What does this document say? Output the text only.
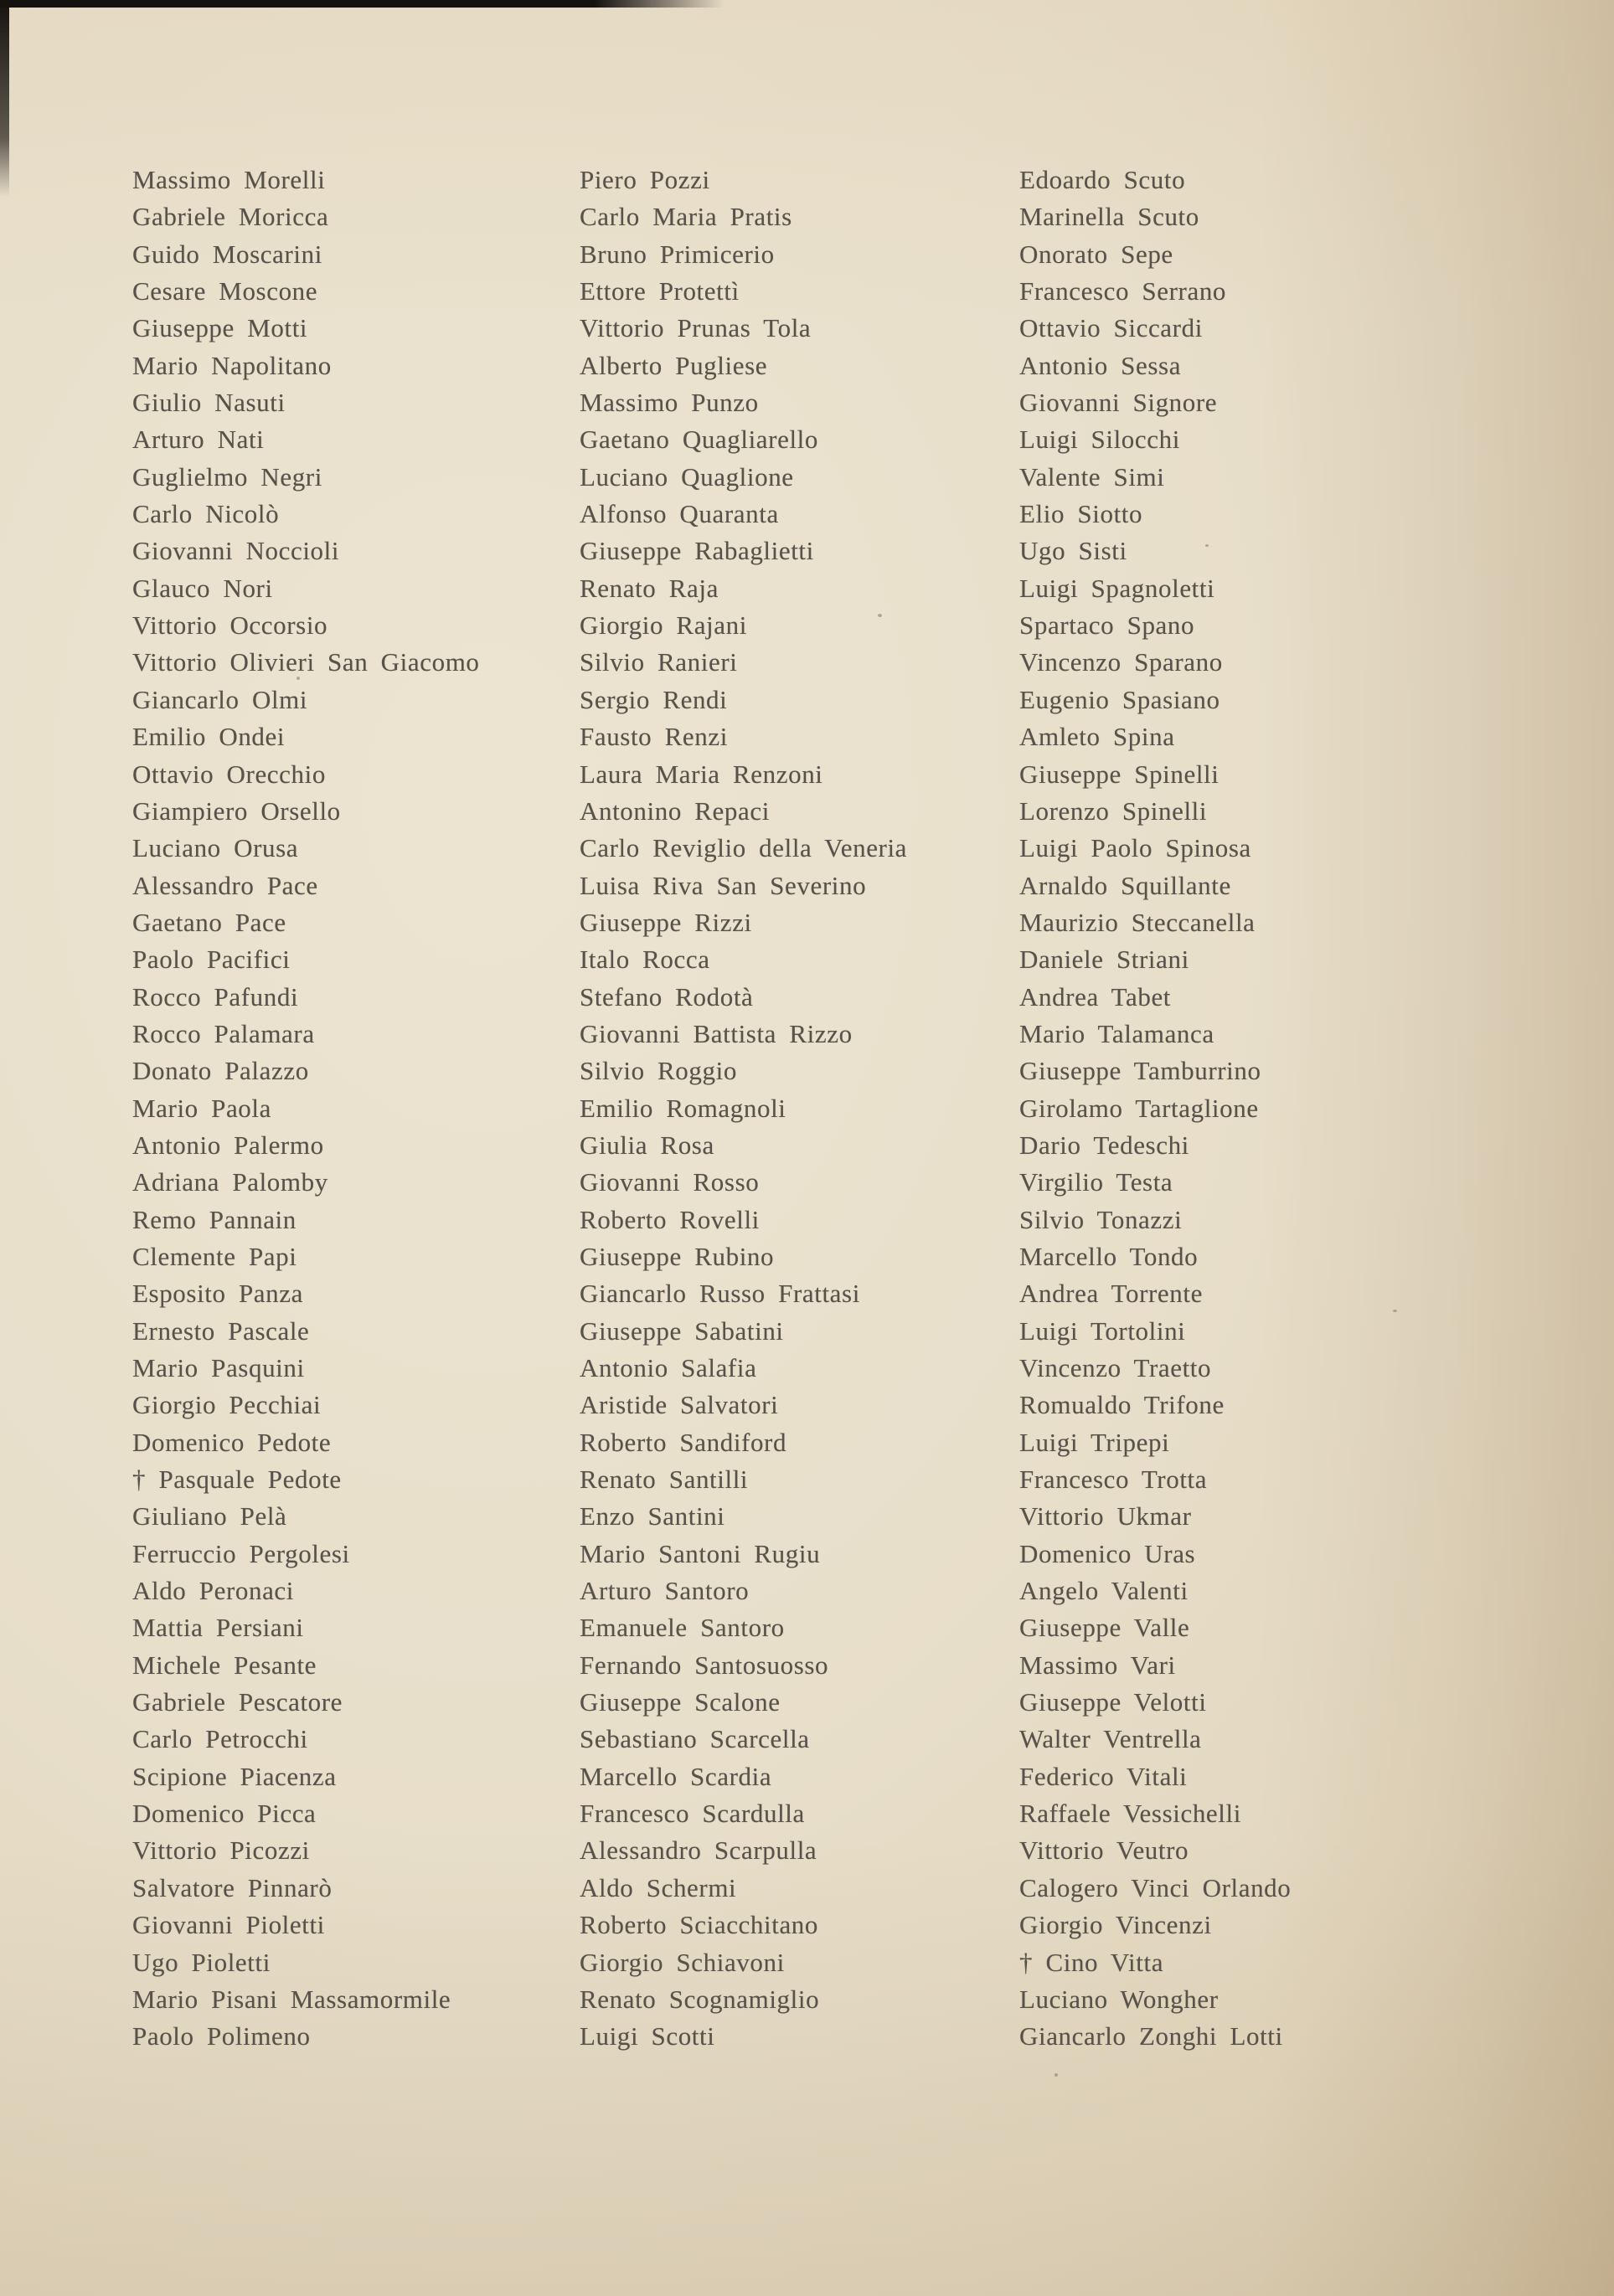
Massimo Morelli
Gabriele Moricca
Guido Moscarini
Cesare Moscone
Giuseppe Motti
Mario Napolitano
Giulio Nasuti
Arturo Nati
Guglielmo Negri
Carlo Nicolò
Giovanni Noccioli
Glauco Nori
Vittorio Occorsio
Vittorio Olivieri San Giacomo
Giancarlo Olmi
Emilio Ondei
Ottavio Orecchio
Giampiero Orsello
Luciano Orusa
Alessandro Pace
Gaetano Pace
Paolo Pacifici
Rocco Pafundi
Rocco Palamara
Donato Palazzo
Mario Paola
Antonio Palermo
Adriana Palomby
Remo Pannain
Clemente Papi
Esposito Panza
Ernesto Pascale
Mario Pasquini
Giorgio Pecchiai
Domenico Pedote
† Pasquale Pedote
Giuliano Pelà
Ferruccio Pergolesi
Aldo Peronaci
Mattia Persiani
Michele Pesante
Gabriele Pescatore
Carlo Petrocchi
Scipione Piacenza
Domenico Picca
Vittorio Picozzi
Salvatore Pinnarò
Giovanni Pioletti
Ugo Pioletti
Mario Pisani Massamormile
Paolo Polimeno
Piero Pozzi
Carlo Maria Pratis
Bruno Primicerio
Ettore Protettì
Vittorio Prunas Tola
Alberto Pugliese
Massimo Punzo
Gaetano Quagliarello
Luciano Quaglione
Alfonso Quaranta
Giuseppe Rabaglietti
Renato Raja
Giorgio Rajani
Silvio Ranieri
Sergio Rendi
Fausto Renzi
Laura Maria Renzoni
Antonino Repaci
Carlo Reviglio della Veneria
Luisa Riva San Severino
Giuseppe Rizzi
Italo Rocca
Stefano Rodotà
Giovanni Battista Rizzo
Silvio Roggio
Emilio Romagnoli
Giulia Rosa
Giovanni Rosso
Roberto Rovelli
Giuseppe Rubino
Giancarlo Russo Frattasi
Giuseppe Sabatini
Antonio Salafia
Aristide Salvatori
Roberto Sandiford
Renato Santilli
Enzo Santini
Mario Santoni Rugiu
Arturo Santoro
Emanuele Santoro
Fernando Santosuosso
Giuseppe Scalone
Sebastiano Scarcella
Marcello Scardia
Francesco Scardulla
Alessandro Scarpulla
Aldo Schermi
Roberto Sciacchitano
Giorgio Schiavoni
Renato Scognamiglio
Luigi Scotti
Edoardo Scuto
Marinella Scuto
Onorato Sepe
Francesco Serrano
Ottavio Siccardi
Antonio Sessa
Giovanni Signore
Luigi Silocchi
Valente Simi
Elio Siotto
Ugo Sisti
Luigi Spagnoletti
Spartaco Spano
Vincenzo Sparano
Eugenio Spasiano
Amleto Spina
Giuseppe Spinelli
Lorenzo Spinelli
Luigi Paolo Spinosa
Arnaldo Squillante
Maurizio Steccanella
Daniele Striani
Andrea Tabet
Mario Talamanca
Giuseppe Tamburrino
Girolamo Tartaglione
Dario Tedeschi
Virgilio Testa
Silvio Tonazzi
Marcello Tondo
Andrea Torrente
Luigi Tortolini
Vincenzo Traetto
Romualdo Trifone
Luigi Tripepi
Francesco Trotta
Vittorio Ukmar
Domenico Uras
Angelo Valenti
Giuseppe Valle
Massimo Vari
Giuseppe Velotti
Walter Ventrella
Federico Vitali
Raffaele Vessichelli
Vittorio Veutro
Calogero Vinci Orlando
Giorgio Vincenzi
† Cino Vitta
Luciano Wongher
Giancarlo Zonghi Lotti
